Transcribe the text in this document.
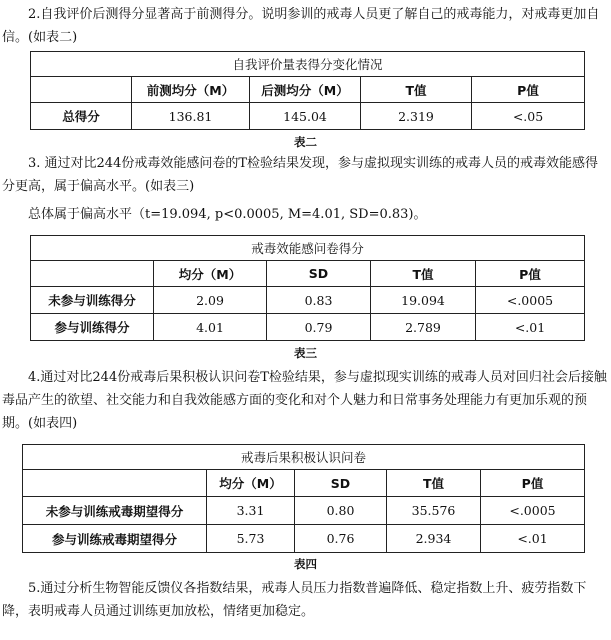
2.自我评价后测得分显著高于前测得分。说明参训的戒毒人员更了解自己的戒毒能力，对戒毒更加自信。(如表二)

自我评价量表得分变化情况				
	前测均分（M）	后测均分（M）	T值	P值
总得分	136.81	145.04	2.319	<.05
表二

3. 通过对比244份戒毒效能感问卷的T检验结果发现，参与虚拟现实训练的戒毒人员的戒毒效能感得分更高，属于偏高水平。(如表三)

总体属于偏高水平（t=19.094, p<0.0005, M=4.01, SD=0.83)。

戒毒效能感问卷得分				
	均分（M）	SD	T值	P值
未参与训练得分	2.09	0.83	19.094	<.0005
参与训练得分	4.01	0.79	2.789	<.01
表三

4.通过对比244份戒毒后果积极认识问卷T检验结果，参与虚拟现实训练的戒毒人员对回归社会后接触毒品产生的欲望、社交能力和自我效能感方面的变化和对个人魅力和日常事务处理能力有更加乐观的预期。(如表四)

戒毒后果积极认识问卷				
	均分（M）	SD	T值	P值
未参与训练戒毒期望得分	3.31	0.80	35.576	<.0005
参与训练戒毒期望得分	5.73	0.76	2.934	<.01
表四

5.通过分析生物智能反馈仪各指数结果，戒毒人员压力指数普遍降低、稳定指数上升、疲劳指数下降，表明戒毒人员通过训练更加放松，情绪更加稳定。
